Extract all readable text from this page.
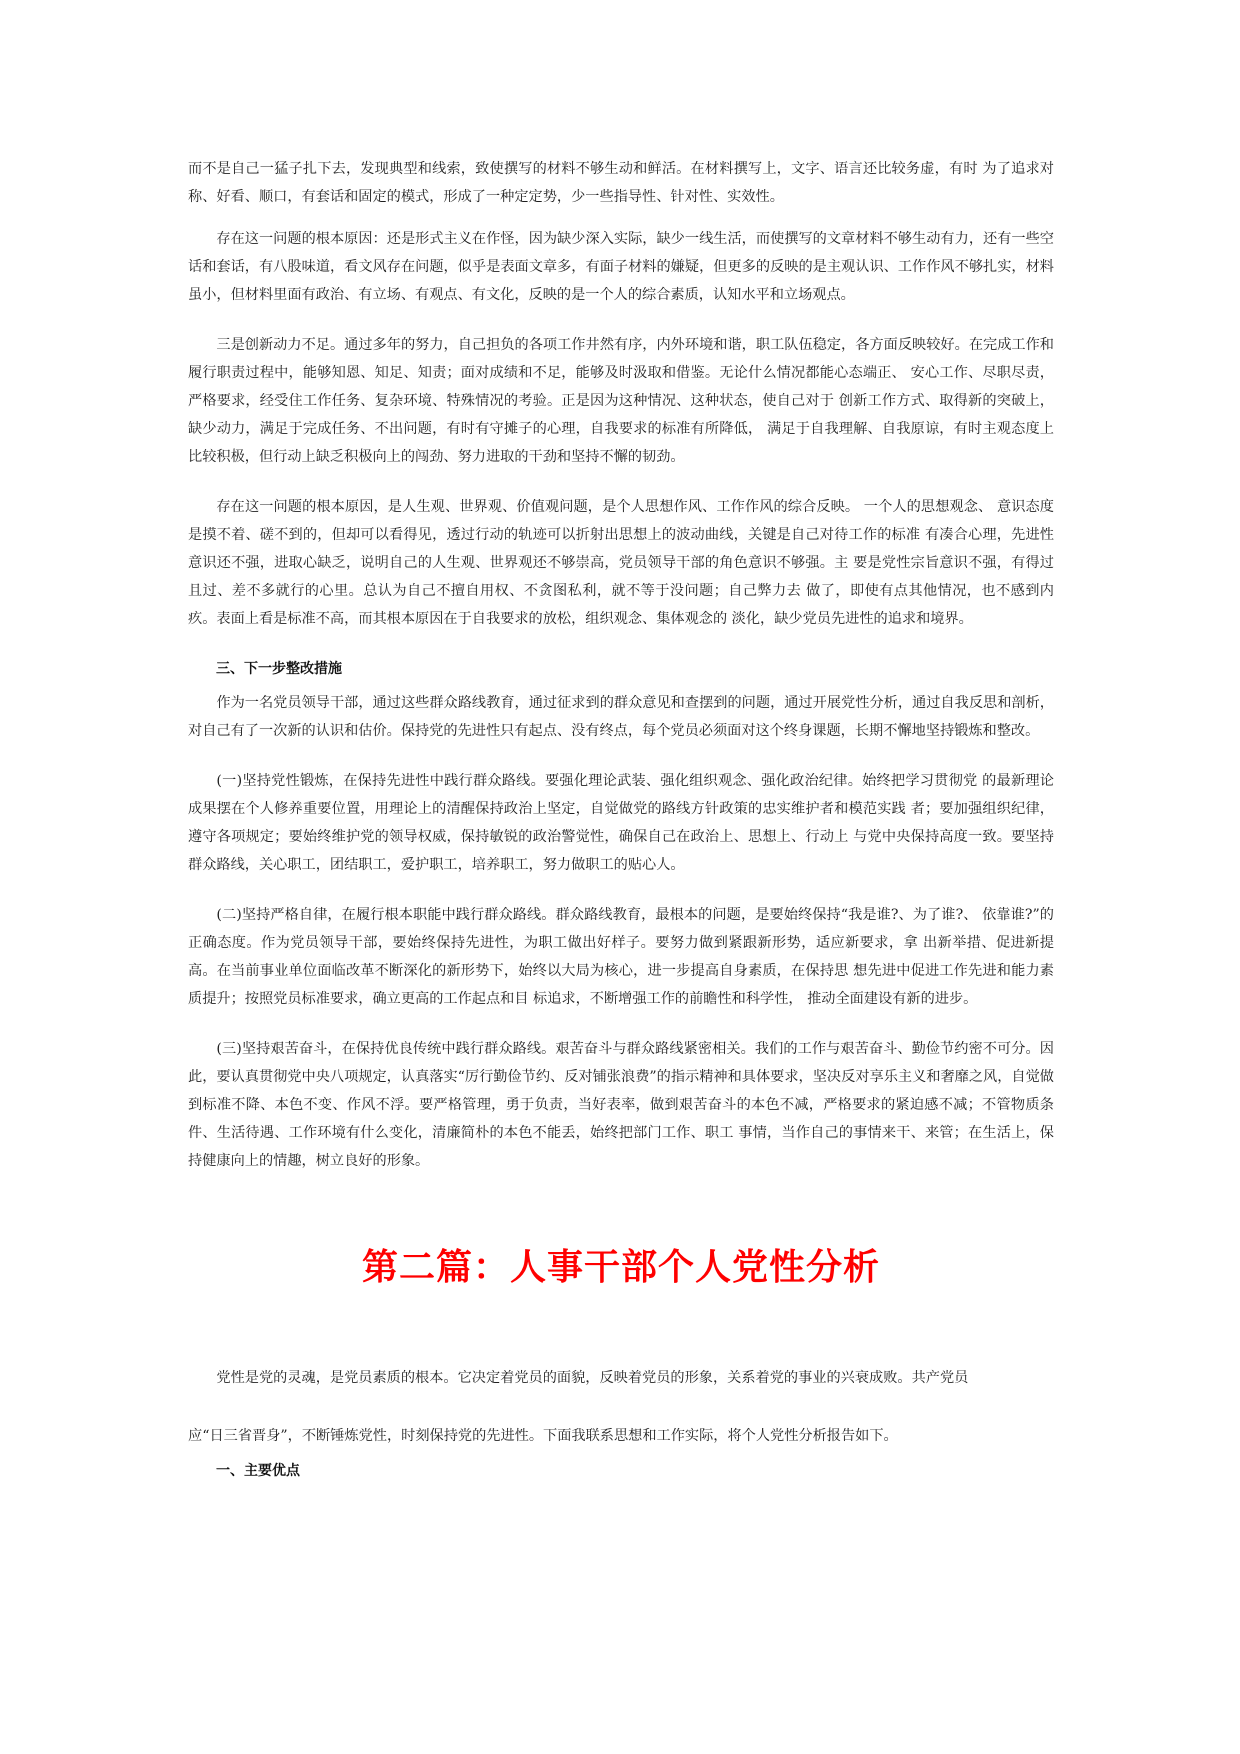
而不是自己一猛子扎下去，发现典型和线索，致使撰写的材料不够生动和鲜活。在材料撰写上，文字、语言还比较务虚，有时 为了追求对称、好看、顺口，有套话和固定的模式，形成了一种定定势，少一些指导性、针对性、实效性。

存在这一问题的根本原因：还是形式主义在作怪，因为缺少深入实际，缺少一线生活，而使撰写的文章材料不够生动有力，还有一些空话和套话，有八股味道，看文风存在问题，似乎是表面文章多，有面子材料的嫌疑，但更多的反映的是主观认识、工作作风不够扎实，材料虽小，但材料里面有政治、有立场、有观点、有文化，反映的是一个人的综合素质，认知水平和立场观点。

三是创新动力不足。通过多年的努力，自己担负的各项工作井然有序，内外环境和谐，职工队伍稳定，各方面反映较好。在完成工作和履行职责过程中，能够知恩、知足、知责；面对成绩和不足，能够及时汲取和借鉴。无论什么情况都能心态端正、 安心工作、尽职尽责，严格要求，经受住工作任务、复杂环境、特殊情况的考验。正是因为这种情况、这种状态，使自己对于 创新工作方式、取得新的突破上，缺少动力，满足于完成任务、不出问题，有时有守摊子的心理，自我要求的标准有所降低， 满足于自我理解、自我原谅，有时主观态度上比较积极，但行动上缺乏积极向上的闯劲、努力进取的干劲和坚持不懈的韧劲。

存在这一问题的根本原因，是人生观、世界观、价值观问题，是个人思想作风、工作作风的综合反映。 一个人的思想观念、 意识态度是摸不着、磋不到的，但却可以看得见，透过行动的轨迹可以折射出思想上的波动曲线，关键是自己对待工作的标准 有凑合心理，先进性意识还不强，进取心缺乏，说明自己的人生观、世界观还不够崇高，党员领导干部的角色意识不够强。主 要是党性宗旨意识不强，有得过且过、差不多就行的心里。总认为自己不擅自用权、不贪图私利，就不等于没问题；自己弊力去 做了，即使有点其他情况，也不感到内疚。表面上看是标准不高，而其根本原因在于自我要求的放松，组织观念、集体观念的 淡化，缺少党员先进性的追求和境界。

三、下一步整改措施

作为一名党员领导干部，通过这些群众路线教育，通过征求到的群众意见和查摆到的问题，通过开展党性分析，通过自我反思和剖析，对自己有了一次新的认识和估价。保持党的先进性只有起点、没有终点，每个党员必须面对这个终身课题，长期不懈地坚持锻炼和整改。

(一)坚持党性锻炼，在保持先进性中践行群众路线。要强化理论武装、强化组织观念、强化政治纪律。始终把学习贯彻党 的最新理论成果摆在个人修养重要位置，用理论上的清醒保持政治上坚定，自觉做党的路线方针政策的忠实维护者和模范实践 者；要加强组织纪律，遵守各项规定；要始终维护党的领导权威，保持敏锐的政治警觉性，确保自己在政治上、思想上、行动上 与党中央保持高度一致。要坚持群众路线，关心职工，团结职工，爱护职工，培养职工，努力做职工的贴心人。

(二)坚持严格自律，在履行根本职能中践行群众路线。群众路线教育，最根本的问题，是要始终保持“我是谁?、为了谁?、 依靠谁?”的正确态度。作为党员领导干部，要始终保持先进性，为职工做出好样子。要努力做到紧跟新形势，适应新要求，拿 出新举措、促进新提高。在当前事业单位面临改革不断深化的新形势下，始终以大局为核心，进一步提高自身素质，在保持思 想先进中促进工作先进和能力素质提升；按照党员标准要求，确立更高的工作起点和目 标追求，不断增强工作的前瞻性和科学性， 推动全面建设有新的进步。

(三)坚持艰苦奋斗，在保持优良传统中践行群众路线。艰苦奋斗与群众路线紧密相关。我们的工作与艰苦奋斗、勤俭节约密不可分。因此，要认真贯彻党中央八项规定，认真落实“厉行勤俭节约、反对铺张浪费”的指示精神和具体要求，坚决反对享乐主义和奢靡之风，自觉做到标准不降、本色不变、作风不浮。要严格管理，勇于负责，当好表率，做到艰苦奋斗的本色不减，严格要求的紧迫感不减；不管物质条件、生活待遇、工作环境有什么变化，清廉简朴的本色不能丢，始终把部门工作、职工 事情，当作自己的事情来干、来管；在生活上，保持健康向上的情趣，树立良好的形象。

第二篇：人事干部个人党性分析

党性是党的灵魂，是党员素质的根本。它决定着党员的面貌，反映着党员的形象，关系着党的事业的兴衰成败。共产党员

应“日三省晋身”，不断锤炼党性，时刻保持党的先进性。下面我联系思想和工作实际，将个人党性分析报告如下。

一、主要优点
